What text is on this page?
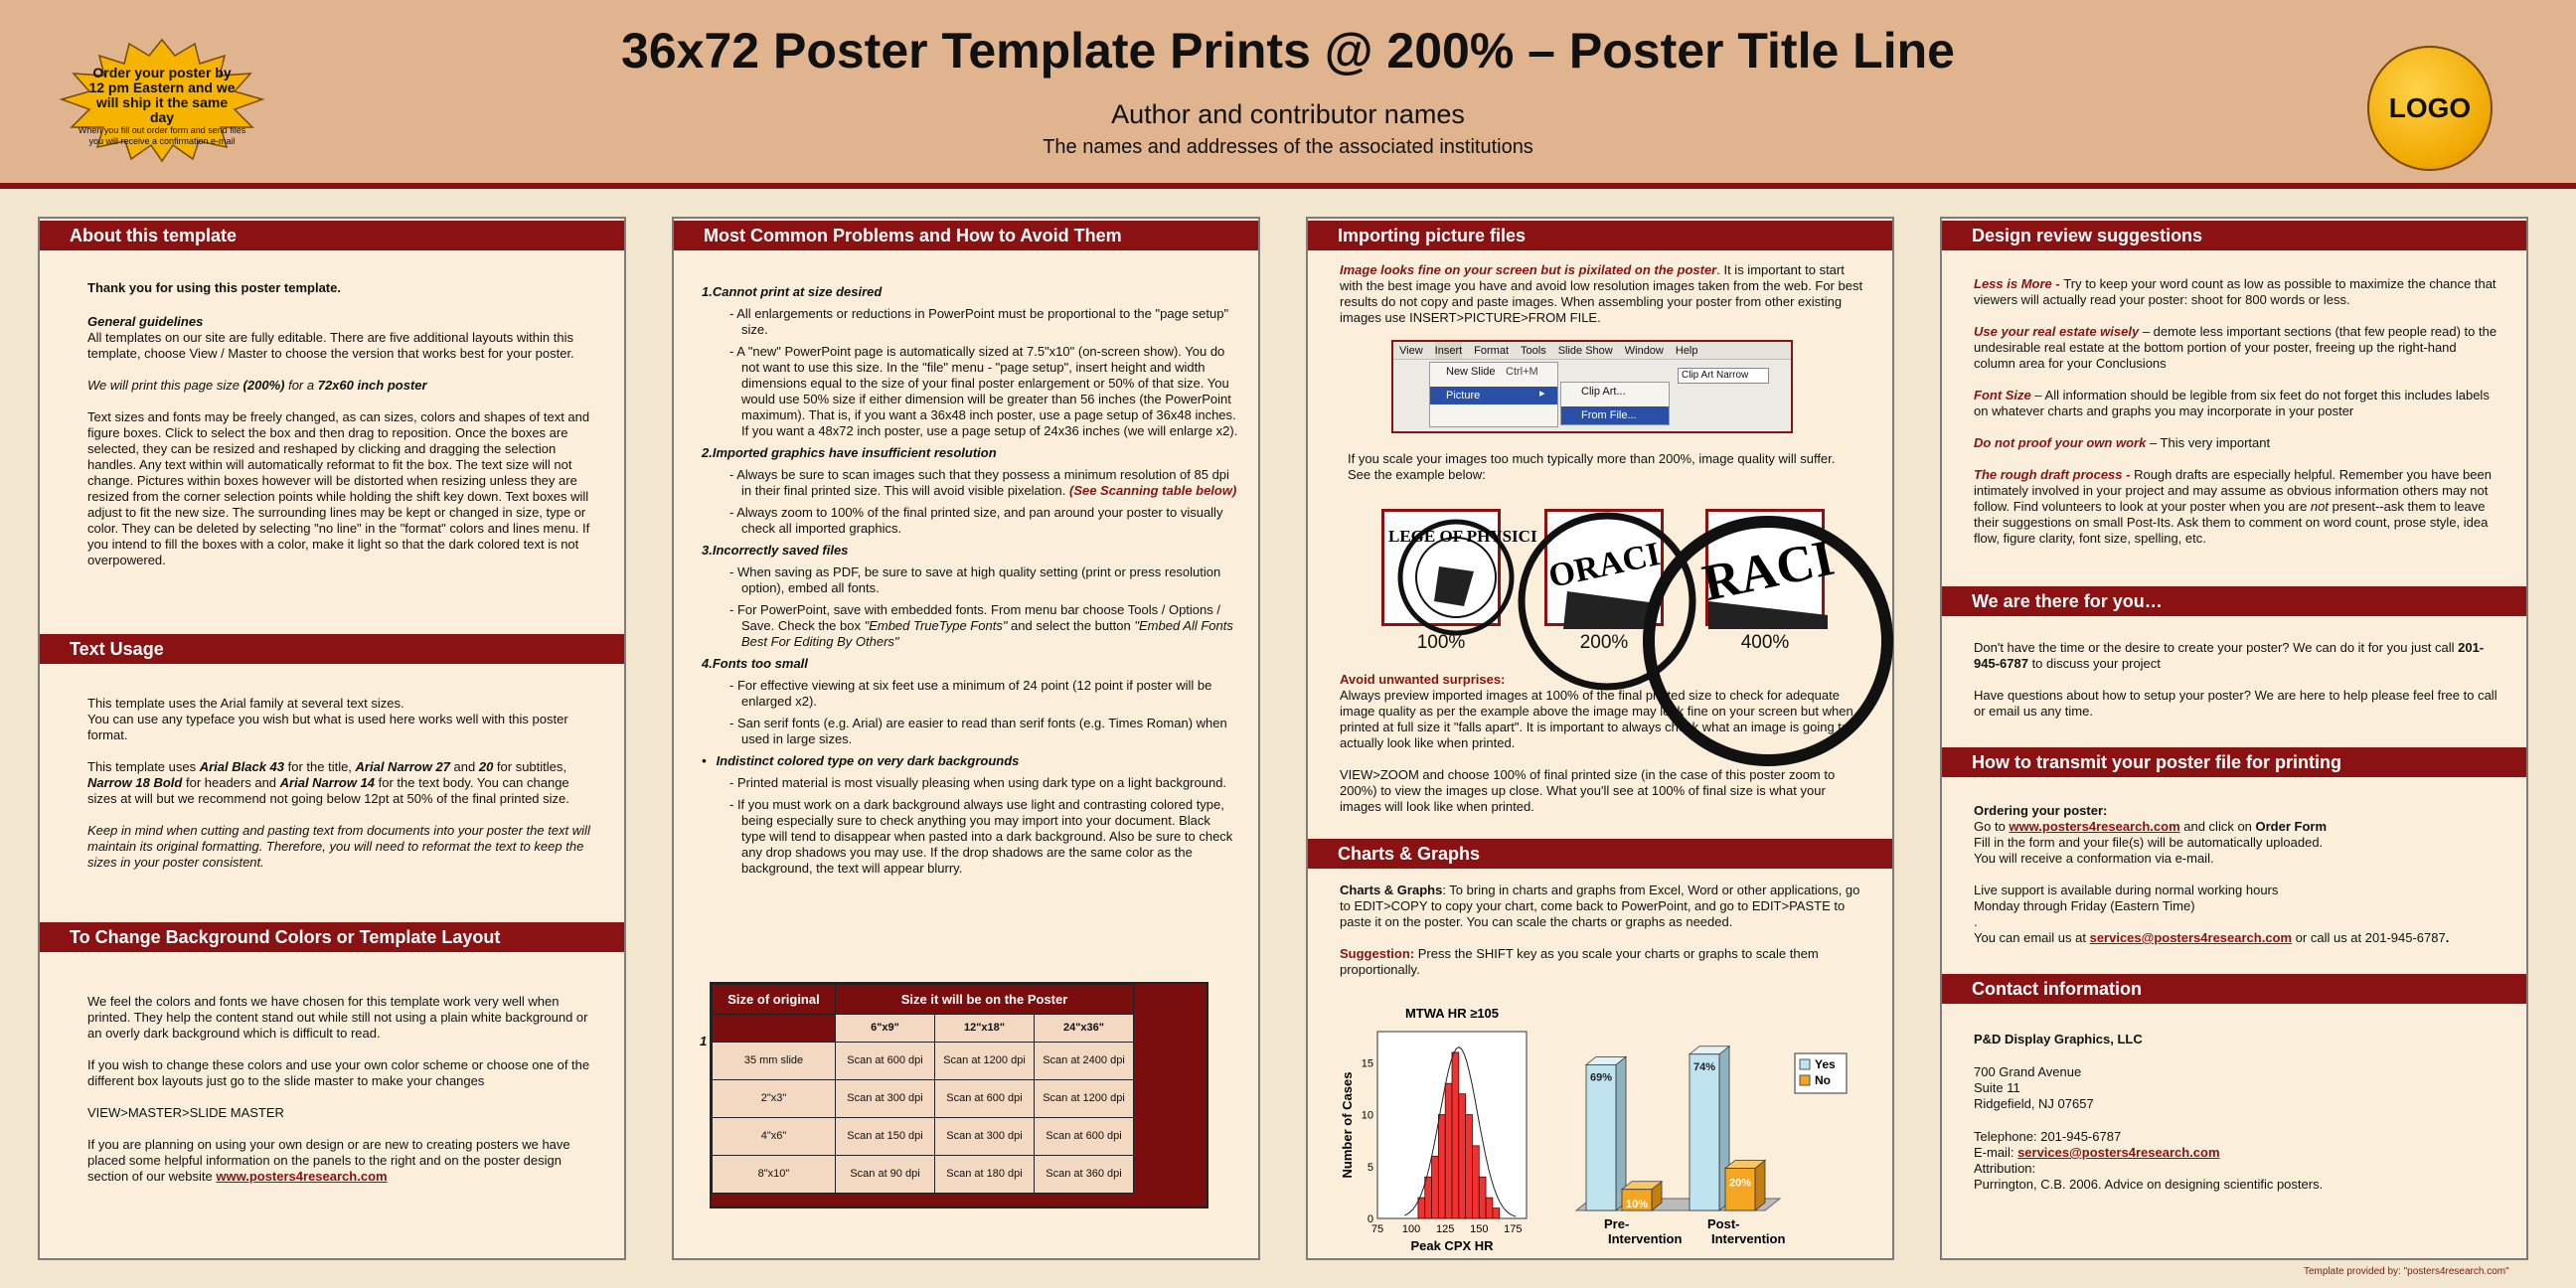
Order your poster by 12 pm Eastern and we will ship it the same day
When you fill out order form and send files you will receive a confirmation e-mail
36x72 Poster Template Prints @ 200% – Poster Title Line
Author and contributor names
The names and addresses of the associated institutions
LOGO
About this template

Thank you for using this poster template.

General guidelines

All templates on our site are fully editable. There are five additional layouts within this template, choose View / Master to choose the version that works best for your poster.

We will print this page size (200%) for a 72x60 inch poster

Text sizes and fonts may be freely changed, as can sizes, colors and shapes of text and figure boxes. Click to select the box and then drag to reposition. Once the boxes are selected, they can be resized and reshaped by clicking and dragging the selection handles. Any text within will automatically reformat to fit the box. The text size will not change. Pictures within boxes however will be distorted when resizing unless they are resized from the corner selection points while holding the shift key down. Text boxes will adjust to fit the new size. The surrounding lines may be kept or changed in size, type or color. They can be deleted by selecting "no line" in the "format" colors and lines menu. If you intend to fill the boxes with a color, make it light so that the dark colored text is not overpowered.

Text Usage

This template uses the Arial family at several text sizes.
You can use any typeface you wish but what is used here works well with this poster format.

This template uses Arial Black 43 for the title, Arial Narrow 27 and 20 for subtitles, Narrow 18 Bold for headers and Arial Narrow 14 for the text body. You can change sizes at will but we recommend not going below 12pt at 50% of the final printed size.

Keep in mind when cutting and pasting text from documents into your poster the text will maintain its original formatting. Therefore, you will need to reformat the text to keep the sizes in your poster consistent.

To Change Background Colors or Template Layout

We feel the colors and fonts we have chosen for this template work very well when printed. They help the content stand out while still not using a plain white background or an overly dark background which is difficult to read.

If you wish to change these colors and use your own color scheme or choose one of the different box layouts just go to the slide master to make your changes

VIEW>MASTER>SLIDE MASTER

If you are planning on using your own design or are new to creating posters we have placed some helpful information on the panels to the right and on the poster design section of our website www.posters4research.com

Most Common Problems and How to Avoid Them
1.Cannot print at size desired
- All enlargements or reductions in PowerPoint must be proportional to the "page setup" size.
- A "new" PowerPoint page is automatically sized at 7.5"x10" (on-screen show). You do not want to use this size. In the "file" menu - "page setup", insert height and width dimensions equal to the size of your final poster enlargement or 50% of that size. You would use 50% size if either dimension will be greater than 56 inches (the PowerPoint maximum). That is, if you want a 36x48 inch poster, use a page setup of 36x48 inches. If you want a 48x72 inch poster, use a page setup of 24x36 inches (we will enlarge x2).
2.Imported graphics have insufficient resolution
- Always be sure to scan images such that they possess a minimum resolution of 85 dpi in their final printed size. This will avoid visible pixelation. (See Scanning table below)
- Always zoom to 100% of the final printed size, and pan around your poster to visually check all imported graphics.
3.Incorrectly saved files
- When saving as PDF, be sure to save at high quality setting (print or press resolution option), embed all fonts.
- For PowerPoint, save with embedded fonts. From menu bar choose Tools / Options / Save. Check the box "Embed TrueType Fonts" and select the button "Embed All Fonts Best For Editing By Others"
4.Fonts too small
- For effective viewing at six feet use a minimum of 24 point (12 point if poster will be enlarged x2).
- San serif fonts (e.g. Arial) are easier to read than serif fonts (e.g. Times Roman) when used in large sizes.
• Indistinct colored type on very dark backgrounds
- Printed material is most visually pleasing when using dark type on a light background.
- If you must work on a dark background always use light and contrasting colored type, being especially sure to check anything you may import into your document. Black type will tend to disappear when pasted into a dark background. Also be sure to check any drop shadows you may use. If the drop shadows are the same color as the background, the text will appear blurry.
1
Size of original	Size it will be on the Poster		
	6"x9"	12"x18"	24"x36"
35 mm slide	Scan at 600 dpi	Scan at 1200 dpi	Scan at 2400 dpi
2"x3"	Scan at 300 dpi	Scan at 600 dpi	Scan at 1200 dpi
4"x6"	Scan at 150 dpi	Scan at 300 dpi	Scan at 600 dpi
8"x10"	Scan at 90 dpi	Scan at 180 dpi	Scan at 360 dpi
Importing picture files

Image looks fine on your screen but is pixilated on the poster. It is important to start with the best image you have and avoid low resolution images taken from the web. For best results do not copy and paste images. When assembling your poster from other existing images use INSERT>PICTURE>FROM FILE.

View Insert Format Tools Slide Show Window Help
New Slide Ctrl+M
Picture	▸	Clip Art...
From File...
Clip Art Narrow
If you scale your images too much typically more than 200%, image quality will suffer. See the example below:
LEGE OF PHYSICI ORACI RACI
100%	200%	400%
Avoid unwanted surprises:

Always preview imported images at 100% of the final printed size to check for adequate image quality as per the example above the image may look fine on your screen but when printed at full size it "falls apart". It is important to always check what an image is going to actually look like when printed.

VIEW>ZOOM and choose 100% of final printed size (in the case of this poster zoom to 200%) to view the images up close. What you'll see at 100% of final size is what your images will look like when printed.

Charts & Graphs

Charts & Graphs: To bring in charts and graphs from Excel, Word or other applications, go to EDIT>COPY to copy your chart, come back to PowerPoint, and go to EDIT>PASTE to paste it on the poster. You can scale the charts or graphs as needed.

Suggestion: Press the SHIFT key as you scale your charts or graphs to scale them proportionally.

MTWA HR ≥105
75 100 125 150 175
0
5
10
15
Peak CPX HR
Number of Cases	69%
10%
Pre-
Intervention
74%
20%
Post-
Intervention
Yes
No
Design review suggestions

Less is More - Try to keep your word count as low as possible to maximize the chance that viewers will actually read your poster: shoot for 800 words or less.

Use your real estate wisely – demote less important sections (that few people read) to the undesirable real estate at the bottom portion of your poster, freeing up the right-hand column area for your Conclusions

Font Size – All information should be legible from six feet do not forget this includes labels on whatever charts and graphs you may incorporate in your poster

Do not proof your own work – This very important

The rough draft process - Rough drafts are especially helpful. Remember you have been intimately involved in your project and may assume as obvious information others may not follow. Find volunteers to look at your poster when you are not present--ask them to leave their suggestions on small Post-Its. Ask them to comment on word count, prose style, idea flow, figure clarity, font size, spelling, etc.

We are there for you…

Don't have the time or the desire to create your poster? We can do it for you just call 201-945-6787 to discuss your project

Have questions about how to setup your poster? We are here to help please feel free to call or email us any time.

How to transmit your poster file for printing
Ordering your poster:
Go to www.posters4research.com and click on Order Form
Fill in the form and your file(s) will be automatically uploaded.
You will receive a conformation via e-mail.
Live support is available during normal working hours
Monday through Friday (Eastern Time)
.
You can email us at services@posters4research.com or call us at 201-945-6787.
Contact information
P&D Display Graphics, LLC
700 Grand Avenue
Suite 11
Ridgefield, NJ 07657
Telephone: 201-945-6787
E-mail: services@posters4research.com
Attribution:
Purrington, C.B. 2006. Advice on designing scientific posters.
Template provided by: "posters4research.com"
